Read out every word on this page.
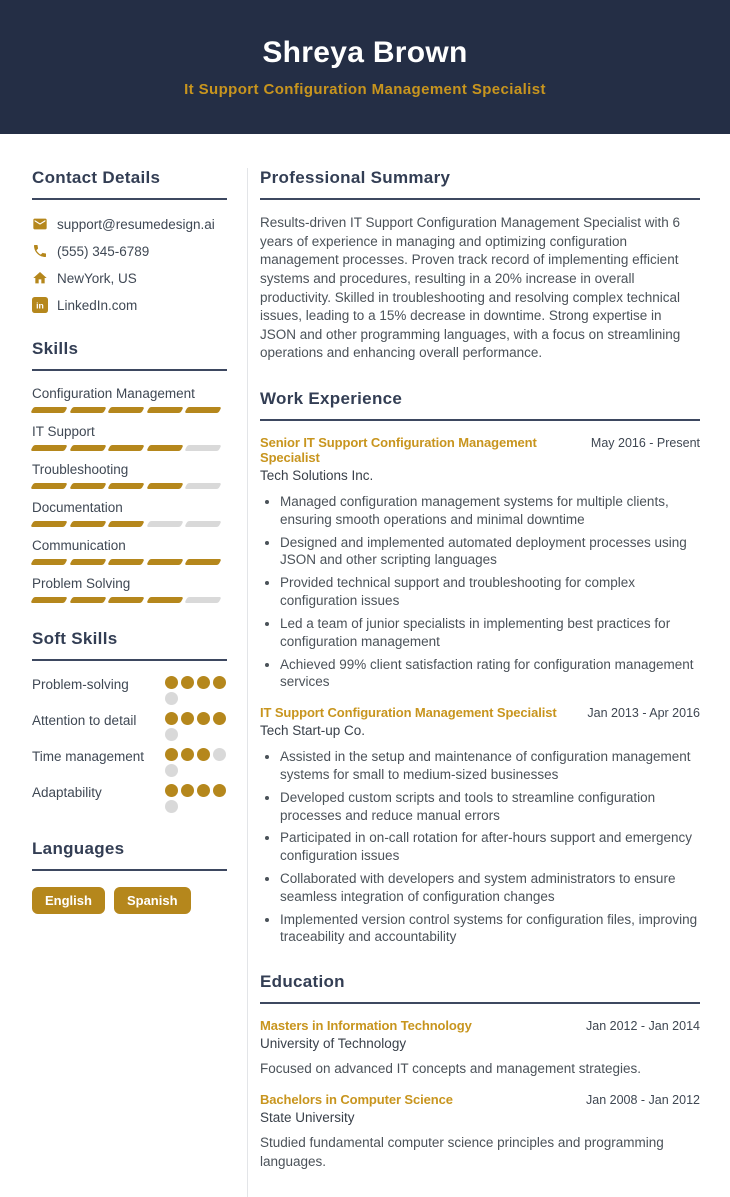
Shreya Brown
It Support Configuration Management Specialist
Contact Details
support@resumedesign.ai
(555) 345-6789
NewYork, US
in LinkedIn.com
Skills
Configuration Management
IT Support
Troubleshooting
Documentation
Communication
Problem Solving
Soft Skills
Problem-solving
Attention to detail
Time management
Adaptability
Languages
English	Spanish
Professional Summary

Results-driven IT Support Configuration Management Specialist with 6 years of experience in managing and optimizing configuration management processes. Proven track record of implementing efficient systems and procedures, resulting in a 20% increase in overall productivity. Skilled in troubleshooting and resolving complex technical issues, leading to a 15% decrease in downtime. Strong expertise in JSON and other programming languages, with a focus on streamlining operations and enhancing overall performance.

Work Experience
Senior IT Support Configuration Management Specialist
May 2016 - Present
Tech Solutions Inc.
• Managed configuration management systems for multiple clients, ensuring smooth operations and minimal downtime
• Designed and implemented automated deployment processes using JSON and other scripting languages
• Provided technical support and troubleshooting for complex configuration issues
• Led a team of junior specialists in implementing best practices for configuration management
• Achieved 99% client satisfaction rating for configuration management services
IT Support Configuration Management Specialist Jan 2013 - Apr 2016
Tech Start-up Co.
• Assisted in the setup and maintenance of configuration management systems for small to medium-sized businesses
• Developed custom scripts and tools to streamline configuration processes and reduce manual errors
• Participated in on-call rotation for after-hours support and emergency configuration issues
• Collaborated with developers and system administrators to ensure seamless integration of configuration changes
• Implemented version control systems for configuration files, improving traceability and accountability
Education
Masters in Information Technology	Jan 2012 - Jan 2014
University of Technology
Focused on advanced IT concepts and management strategies.
Bachelors in Computer Science	Jan 2008 - Jan 2012
State University
Studied fundamental computer science principles and programming languages.
